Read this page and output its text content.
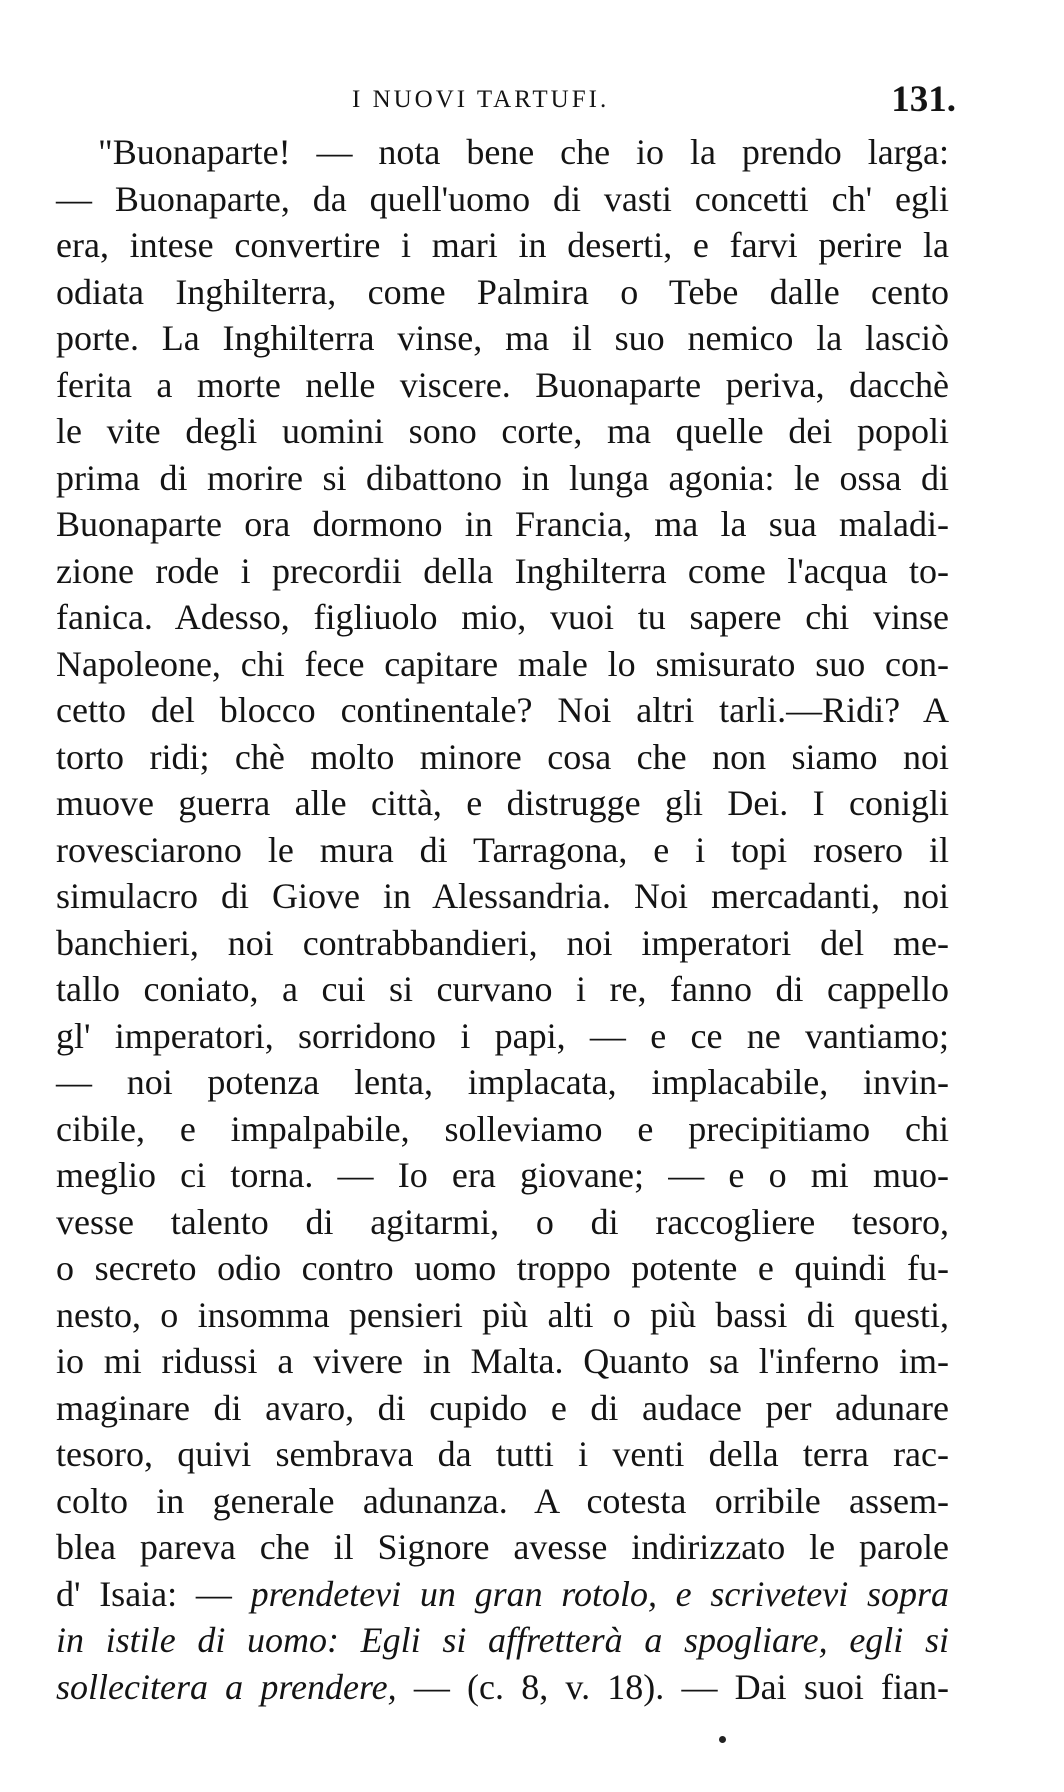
I NUOVI TARTUFI.	131.
"Buonaparte! — nota bene che io la prendo larga:
— Buonaparte, da quell'uomo di vasti concetti ch' egli
era, intese convertire i mari in deserti, e farvi perire la
odiata Inghilterra, come Palmira o Tebe dalle cento
porte. La Inghilterra vinse, ma il suo nemico la lasciò
ferita a morte nelle viscere. Buonaparte periva, dacchè
le vite degli uomini sono corte, ma quelle dei popoli
prima di morire si dibattono in lunga agonia: le ossa di
Buonaparte ora dormono in Francia, ma la sua maladi-
zione rode i precordii della Inghilterra come l'acqua to-
fanica. Adesso, figliuolo mio, vuoi tu sapere chi vinse
Napoleone, chi fece capitare male lo smisurato suo con-
cetto del blocco continentale? Noi altri tarli.—Ridi? A
torto ridi; chè molto minore cosa che non siamo noi
muove guerra alle città, e distrugge gli Dei. I conigli
rovesciarono le mura di Tarragona, e i topi rosero il
simulacro di Giove in Alessandria. Noi mercadanti, noi
banchieri, noi contrabbandieri, noi imperatori del me-
tallo coniato, a cui si curvano i re, fanno di cappello
gl' imperatori, sorridono i papi, — e ce ne vantiamo;
— noi potenza lenta, implacata, implacabile, invin-
cibile, e impalpabile, solleviamo e precipitiamo chi
meglio ci torna. — Io era giovane; — e o mi muo-
vesse talento di agitarmi, o di raccogliere tesoro,
o secreto odio contro uomo troppo potente e quindi fu-
nesto, o insomma pensieri più alti o più bassi di questi,
io mi ridussi a vivere in Malta. Quanto sa l'inferno im-
maginare di avaro, di cupido e di audace per adunare
tesoro, quivi sembrava da tutti i venti della terra rac-
colto in generale adunanza. A cotesta orribile assem-
blea pareva che il Signore avesse indirizzato le parole
d' Isaia: — prendetevi un gran rotolo, e scrivetevi sopra
in istile di uomo: Egli si affretterà a spogliare, egli si
sollecitera a prendere, — (c. 8, v. 18). — Dai suoi fian-
